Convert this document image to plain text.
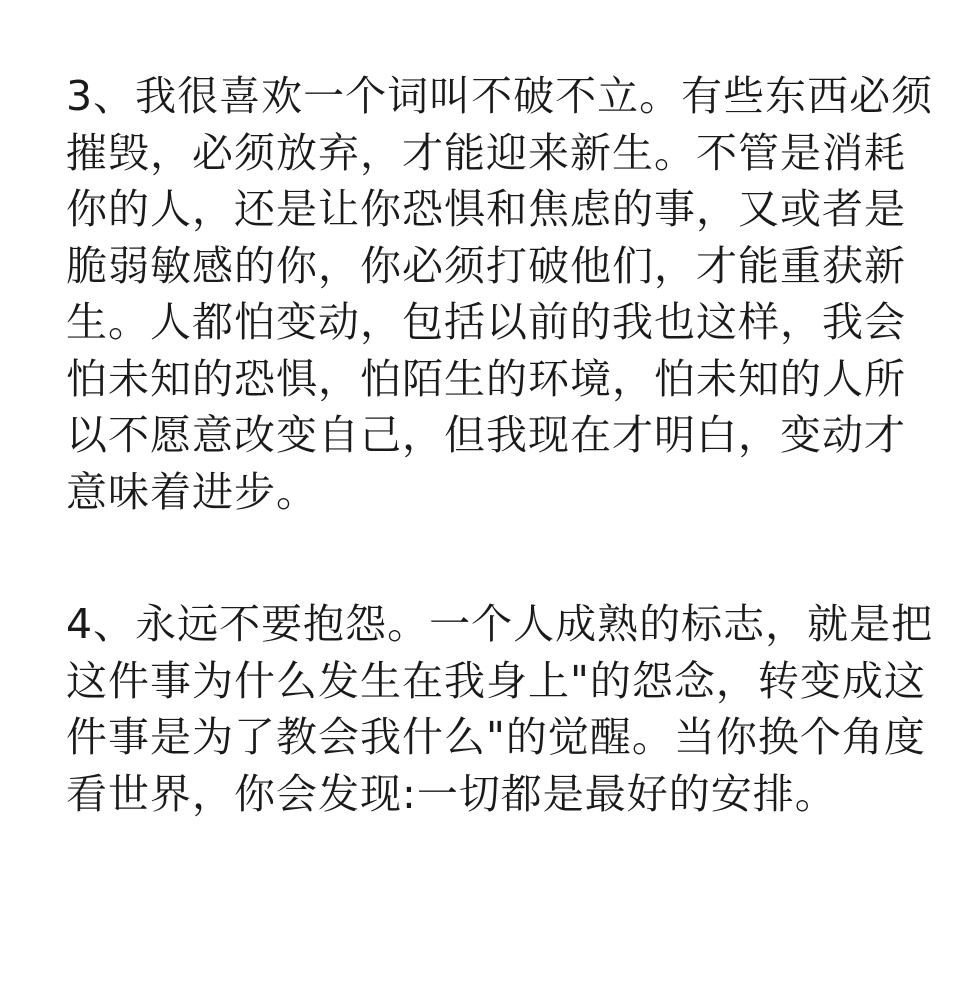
3、我很喜欢一个词叫不破不立。有些东西必须
摧毁，必须放弃，才能迎来新生。不管是消耗
你的人，还是让你恐惧和焦虑的事，又或者是
脆弱敏感的你，你必须打破他们，才能重获新
生。人都怕变动，包括以前的我也这样，我会
怕未知的恐惧，怕陌生的环境，怕未知的人所
以不愿意改变自己，但我现在才明白，变动才
意味着进步。
4、永远不要抱怨。一个人成熟的标志，就是把
这件事为什么发生在我身上"的怨念，转变成这
件事是为了教会我什么"的觉醒。当你换个角度
看世界，你会发现:一切都是最好的安排。
